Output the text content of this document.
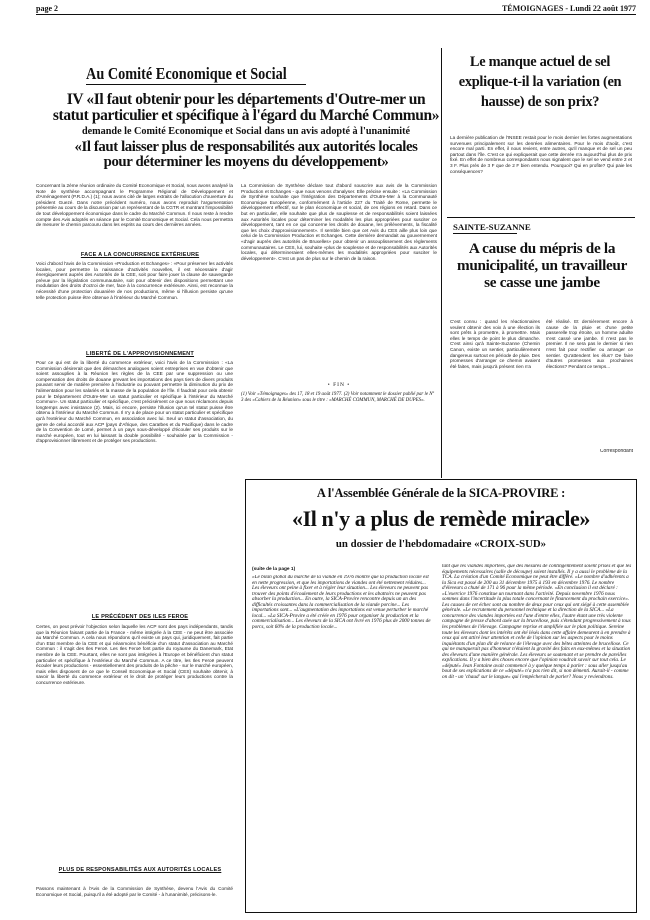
page 2	TÉMOIGNAGES - Lundi 22 août 1977
Au Comité Economique et Social
IV «Il faut obtenir pour les départements d'Outre-mer un statut particulier et spécifique à l'égard du Marché Commun»
demande le Comité Economique et Social dans un avis adopté à l'unanimité
«Il faut laisser plus de responsabilités aux autorités locales pour déterminer les moyens du développement»
Concernant la 2ème réunion ordinaire du Comité Economique et Social, nous avons analysé la Note de synthèse accompagnant le Programme Régional de Développement et d'Aménagement (P.R.D.A.) (1); nous avons cité de larges extraits de l'allocution d'ouverture du président Guezé. Dans notre précédent numéro, nous avons reproduit l'argumentation présentée au cours de la discussion par un représentant de la CGTR et montrant l'impossibilité de tout développement économique dans le cadre du Marché Commun. Il nous reste à rendre compte des Avis adoptés en séance par le Comité Economique et Social. Cela nous permettra de mesurer le chemin parcouru dans les esprits au cours des dernières années.
FACE A LA CONCURRENCE EXTÉRIEURE
Voici d'abord l'avis de la Commission «Production et Echanges» : «Pour préserver les activités locales, pour permettre la naissance d'activités nouvelles, il est nécessaire d'agir énergiquement auprès des Autorités de la CEE, soit pour faire jouer la clause de sauvegarde prévue par la législation communautaire, soit pour obtenir des dispositions permettant une modulation des droits d'octroi de mer, face à la concurrence extérieure. Ainsi, est reconnue la nécessité d'une protection douanière de nos productions, même si l'illusion persiste qu'une telle protection puisse être obtenue à l'intérieur du Marché Commun.
LIBERTÉ DE L'APPROVISIONNEMENT
Pour ce qui est de la liberté du commerce extérieur, voici l'avis de la Commission : «La Commission désirerait que des démarches analogues soient entreprises en vue d'obtenir que soient assouplies à la Réunion les règles de la CEE par une suppression ou une compensation des droits de douane grevant les importations des pays tiers de divers produits pouvant servir de matière première à l'industrie ou pouvant permettre la diminution du prix de l'alimentation pour les salariés et la masse de la population de l'île. Il faudrait pour cela obtenir pour le Département d'Outre-Mer un statut particulier et spécifique à l'intérieur du Marché Commun». Un statut particulier et spécifique, c'est précisément ce que nous réclamons depuis longtemps avec insistance (2). Mais, ici encore, persiste l'illusion qu'un tel statut puisse être obtenu à l'intérieur du Marché Commun. Il n'y a de place pour un statut particulier et spécifique qu'à l'extérieur du Marché Commun, en association avec lui. Seul un statut d'association, du genre de celui accordé aux ACP (pays d'Afrique, des Caraïbes et du Pacifique) dans le cadre de la Convention de Lomé, permet à un pays sous-développé d'écouler ses produits sur le marché européen, tout en lui laissant la double possibilité - souhaitée par la Commission - d'approvisionner librement et de protéger ses productions.
LE PRÉCÉDENT DES ILES FEROE
Certes, on peut prévoir l'objection selon laquelle les ACP sont des pays indépendants, tandis que la Réunion faisant partie de la France - même intégrée à la CEE - ne peut être associée au Marché Commun. A cela nous répondons qu'il existe un pays qui, juridiquement, fait partie d'un Etat membre de la CEE et qui néanmoins bénéficie d'un statut d'association au Marché Commun : il s'agit des Iles Feroë. Les Iles Feroë font partie du royaume du Danemark, Etat membre de la CEE. Pourtant, elles ne sont pas intégrées à l'Europe et bénéficient d'un statut particulier et spécifique à l'extérieur du Marché Commun. A ce titre, les Iles Feroë peuvent écouler leurs productions - essentiellement des produits de la pêche - sur le marché européen, mais elles disposent de ce que le Conseil Economique et Social (CES) souhaite obtenir, à savoir la liberté du commerce extérieur et le droit de protéger leurs productions contre la concurrence extérieure.
PLUS DE RESPONSABILITÉS AUX AUTORITÉS LOCALES
Passons maintenant à l'Avis de la Commission de Synthèse, devenu l'Avis du Comité Economique et Social, puisqu'il a été adopté par le Comité - à l'unanimité, précisons-le.
La Commission de Synthèse déclare tout d'abord souscrire aux avis de la Commission Production et Echanges - que nous venons d'analyser. Elle précise ensuite : «La Commission de Synthèse souhaite que l'intégration des Départements d'Outre-Mer à la Communauté Economique Européenne, conformément à l'article 227 du Traité de Rome, permette le développement effectif, sur le plan économique et social, de ces régions en retard. Dans ce but en particulier, elle souhaite que plus de souplesse et de responsabilités soient laissées aux Autorités locales pour déterminer les modalités les plus appropriées pour susciter ce développement, tant en ce qui concerne les droits de douane, les prélèvements, la fiscalité que les choix d'approvisionnement». Il semble bien que cet Avis du CES aille plus loin que celui de la Commission Production et Echanges. Cette dernière demandait au gouvernement «d'agir auprès des autorités de Bruxelles» pour obtenir un assouplissement des règlements communautaires. Le CES, lui, souhaite «plus de souplesse et de responsabilités aux Autorités locales, qui détermineraient elles-mêmes les modalités appropriées pour susciter le développement». C'est un pas de plus sur le chemin de la raison.
• FIN •
(1) Voir «Témoignages» des 17, 18 et 19 août 1977. (2) Voir notamment le dossier publié par le Nº 3 des «Cahiers de la Réunion» sous le titre : «MARCHÉ COMMUN, MARCHÉ DE DUPES».
Le manque actuel de sel explique-t-il la variation (en hausse) de son prix?
La dernière publication de l'INSEE restait pour le mois dernier les fortes augmentations survenues principalement sur les denrées alimentaires. Pour le mois d'août, c'est encore mal parti. En effet, il nous revient, entre autres, qu'il manque et de sel un peu partout dans l'île. C'est ce qui expliquerait que cette denrée n'a aujourd'hui plus de prix fixé. En effet de nombreux correspondants nous signalent que le sel se vend entre 2 et 3 F. Plus près de 3 F que de 2 F bien entendu. Pourquoi? Qui en profite? Qui paie les conséquences?
SAINTE-SUZANNE
A cause du mépris de la municipalité, un travailleur se casse une jambe
C'est connu : quand les réactionnaires veulent obtenir des voix à une élection ils sont prêts à promettre, à promettre. Mais elles le temps de point le plus dimanche. C'est ainsi qu'à Sainte-Suzanne (Chemin Canon, existe un sentier, particulièrement dangereux surtout en période de pluie. Des promesses d'arranger ce chemin avaient été faites, mais jusqu'à présent rien n'a
été réalisé. Et dernièrement encore à cause de la pluie et d'une petite passerelle trop étroite, un homme aduilte s'est cassé une jambe. Il n'est pas le premier. Il ne sera pas le dernier si rien n'est fait pour rectifier ou arranger ce sentier. Qu'attendent les élus? De faire d'autres promesses aux prochaines élections? Pendant ce temps...
Correspondant
A l'Assemblée Générale de la SICA-PROVIRE :
«Il n'y a plus de remède miracle»
un dossier de l'hebdomadaire «CROIX-SUD»
(suite de la page 1)
«Le bilan global du marché de la viande en 1976 montre que la production locale est en nette progression, et que les importations de viandes ont été nettement réduites... Les éleveurs ont peine à fixer et à régler leur situation... Les éleveurs ne peuvent pas trouver des points d'écoulement de leurs productions et les abattoirs ne peuvent pas absorber la production... En outre, la SICA-Provire rencontre depuis un an des difficultés croissantes dans la commercialisation de la viande porcine... Les importations sont... «L'augmentation des importations est venue perturber le marché local... «La SICA-Provire a été créée en 1976 pour organiser la production et la commercialisation... Les éleveurs de la SICA ont livré en 1976 plus de 2000 tonnes de porcs, soit 60% de la production locale...
tant que les viandes importées, que des mesures de contingentement soient prises et que les équipements nécessaires (salle de découpe) soient installés. Il y a aussi le problème de la TCA. La création d'un Comité Economique ne peut être différé. «Le nombre d'adhérents a la Sica est passé de 200 au 31 décembre 1975 à 193 en décembre 1976. Le nombre d'éleveurs a chuté de 171 à 96 pour la même période. «En conclusion il est déclaré : «L'exercice 1976 constitue un tournant dans l'activité. Depuis novembre 1976 nous sommes dans l'incertitude la plus totale concernant le financement du prochain exercice». Les causes de cet échec sont au nombre de deux pour ceux qui ont siégé à cette assemblée générale. «Le recrutement du personnel technique et la direction de la SICA... «La concurrence des viandes importées est l'une d'entre elles, l'autre étant une très violente campagne de presse d'abord axée sur la brucellose, puis s'étendant progressivement à tous les problèmes de l'élevage. Campagne reprise et amplifiée sur le plan politique. Sereine toute les éleveurs dont les intérêts ont été lésés dans cette affaire demeurent à en prendre à ceux qui ont attiré leur attention et celle de l'opinion sur les aspects pour le moins inquiétants d'un plan dit de relance de l'élevage avec des bêtes atteintes de brucellose. Ce qui ne manquerait pas d'honneur n'étaient la gravité des faits en eux-mêmes et la situation des éleveurs d'une manière générale. Les éleveurs se soutenant et se prendre de pareilles explications. Il y a bien des choses encore que l'opinion voudrait savoir sur tout cela. Le «député» Jean Fontaine avait commencé à y quelque temps à parler : sous aller jusqu'au bout de ses explications de ce «député» n'a pas rien dit, si non démenti. Aurait-il - comme on dit - un 'chaud' sur le langue» qui l'empêcherait de parler? Nous y reviendrons.
